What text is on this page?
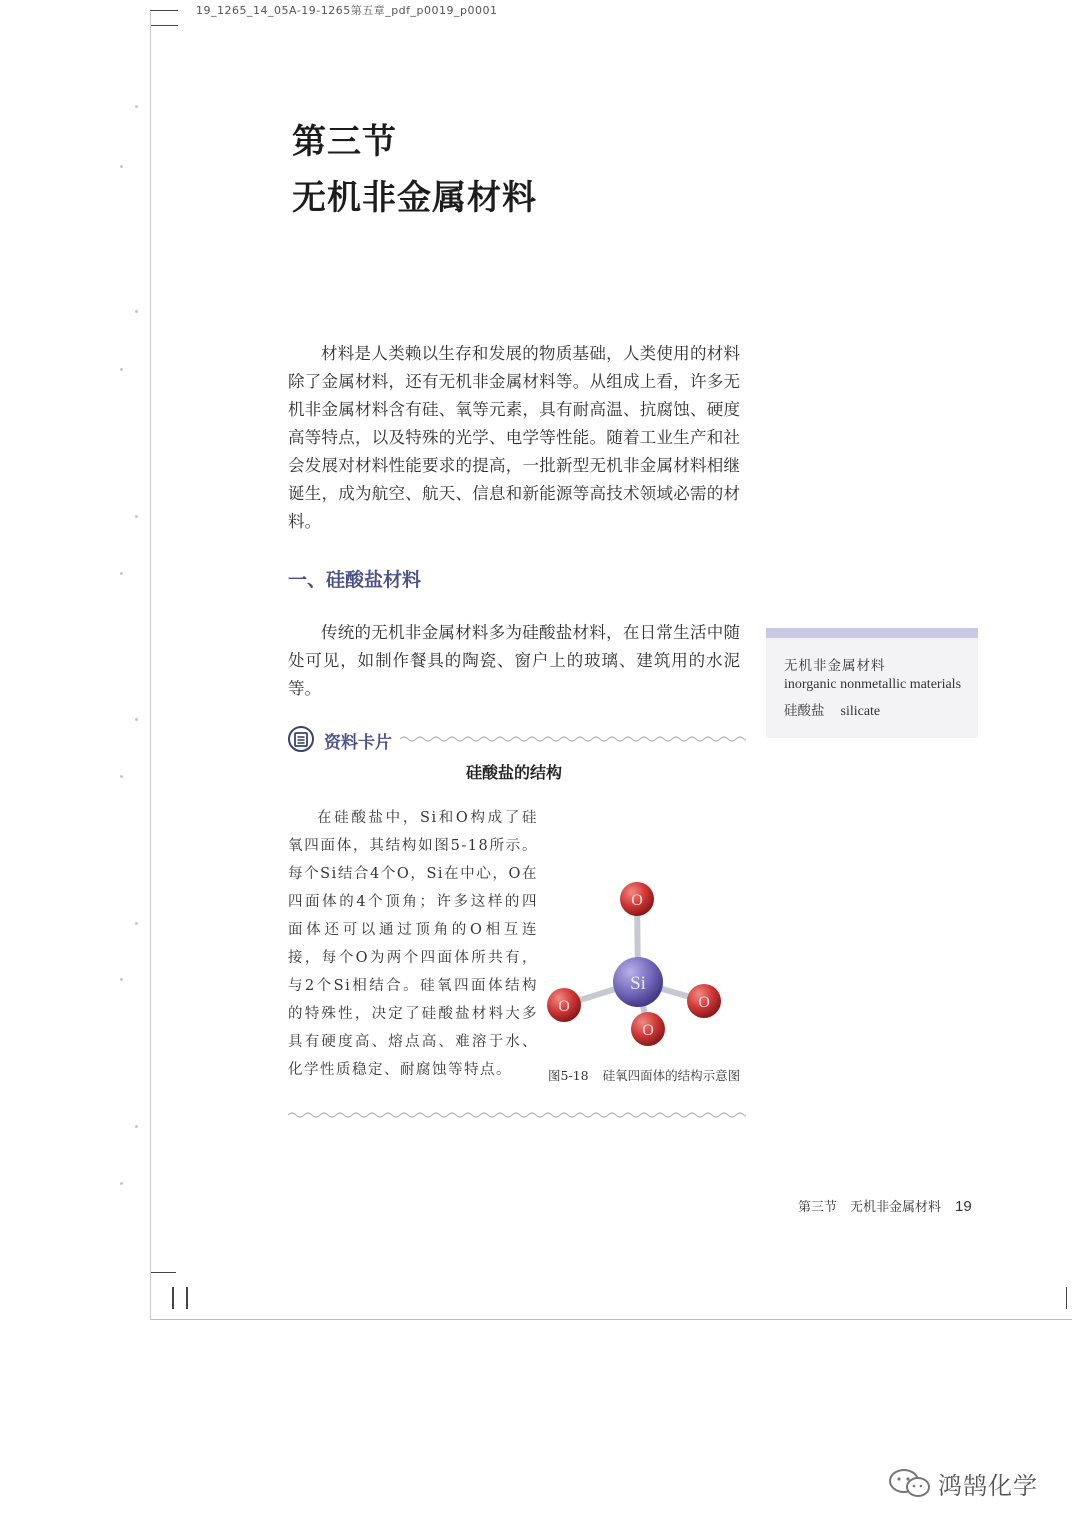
19_1265_14_05A-19-1265第五章_pdf_p0019_p0001
第三节
无机非金属材料

材料是人类赖以生存和发展的物质基础，人类使用的材料除了金属材料，还有无机非金属材料等。从组成上看，许多无机非金属材料含有硅、氧等元素，具有耐高温、抗腐蚀、硬度高等特点，以及特殊的光学、电学等性能。随着工业生产和社会发展对材料性能要求的提高，一批新型无机非金属材料相继诞生，成为航空、航天、信息和新能源等高技术领域必需的材料。

一、硅酸盐材料

传统的无机非金属材料多为硅酸盐材料，在日常生活中随处可见，如制作餐具的陶瓷、窗户上的玻璃、建筑用的水泥等。

无机非金属材料
inorganic nonmetallic materials
硅酸盐 silicate
资料卡片
硅酸盐的结构

在硅酸盐中，Si和O构成了硅氧四面体，其结构如图5-18所示。每个Si结合4个O，Si在中心，O在四面体的4个顶角；许多这样的四面体还可以通过顶角的O相互连接，每个O为两个四面体所共有，与2个Si相结合。硅氧四面体结构的特殊性，决定了硅酸盐材料大多具有硬度高、熔点高、难溶于水、化学性质稳定、耐腐蚀等特点。

O
O
Si
O
O
图5-18 硅氧四面体的结构示意图
第三节　无机非金属材料 19
鸿鹄化学
